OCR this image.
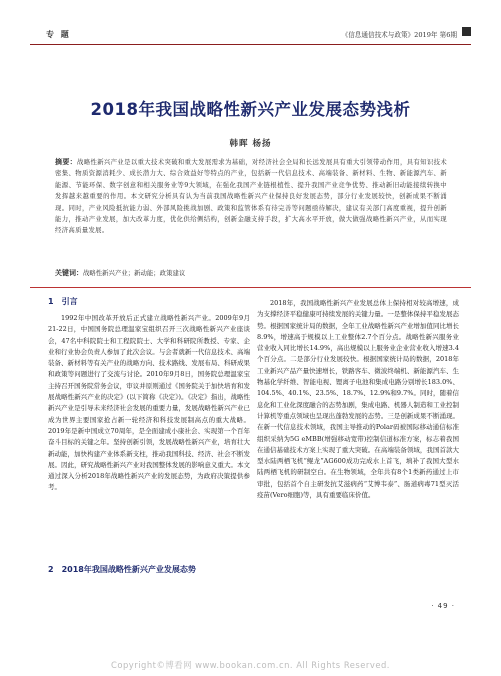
专 题	《信息通信技术与政策》2019年 第6期
2018年我国战略性新兴产业发展态势浅析
韩晖 杨扬
摘要：战略性新兴产业是以重大技术突破和重大发展需求为基础，对经济社会全局和长远发展具有重大引领带动作用，具有知识技术密集、物质资源消耗少、成长潜力大、综合效益好等特点的产业，包括新一代信息技术、高端装备、新材料、生物、新能源汽车、新能源、节能环保、数字创意和相关服务业等9大领域，在强化我国产业链根植性、提升我国产业竞争优势、推动新旧动能接续转换中发挥越来越重要的作用。本文研究分析具有认为当前我国战略性新兴产业保持良好发展态势，部分行业发展较快，创新成果不断涌现。同时，产业风险抵抗能力弱、外部风险挑战加剧、政策和监管体系有待完善等问题亟待解决，建议有关部门高度重视，提升创新能力，推动产业发展，加大改革力度，优化供给侧结构，创新金融支持手段，扩大高水平开放，做大做强战略性新兴产业，从而实现经济高质量发展。
关键词：战略性新兴产业；新动能；政策建议
1　引言

1992年中国改革开放后正式建立战略性新兴产业。2009年9月21-22日，中国国务院总理温家宝组织召开三次战略性新兴产业座谈会，47名中科院院士和工程院院士、大学和科研院所教授、专家、企业和行业协会负责人参加了此次会议。与会者就新一代信息技术、高端装备、新材料等有关产业的战略方向、技术路线、发展布局、科研成果和政策等问题进行了交流与讨论。2010年9月8日，国务院总理温家宝主持召开国务院常务会议，审议并原则通过《国务院关于加快培育和发展战略性新兴产业的决定》(以下简称《决定》)。《决定》指出，战略性新兴产业是引导未来经济社会发展的重要力量，发展战略性新兴产业已成为世界主要国家抢占新一轮经济和科技发展制高点的重大战略。2019年是新中国成立70周年，是全面建成小康社会、实现第一个百年奋斗目标的关键之年。坚持创新引领，发展战略性新兴产业，培育壮大新动能，加快构建产业体系新支柱，推动我国科技、经济、社会不断发展。因此，研究战略性新兴产业对我国整体发展的影响意义重大。本文通过深入分析2018年战略性新兴产业的发展态势，为政府决策提供参考。

2　2018年我国战略性新兴产业发展态势

2018年，我国战略性新兴产业发展总体上保持相对较高增速，成为支撑经济平稳健康可持续发展的关键力量。一是整体保持平稳发展态势。根据国家统计局的数据，全年工业战略性新兴产业增加值同比增长8.9%，增速高于规模以上工业整体2.7个百分点。战略性新兴服务业营业收入同比增长14.9%，高出规模以上服务业企业营业收入增速3.4个百分点。二是部分行业发展较快。根据国家统计局的数据，2018年工业新兴产品产量快速增长，铁路客车、微波终端机、新能源汽车、生物基化学纤维、智能电视、锂离子电池和集成电路分别增长183.0%、104.5%、40.1%、23.5%、18.7%、12.9%和9.7%。同时，随着信息化和工业化深度融合的态势加剧，集成电路、机器人制造和工业控制计算机等重点领域也呈现出蓬勃发展的态势。三是创新成果不断涌现。在新一代信息技术领域，我国主导推动的Polar码被国际移动通信标准组织采纳为5G eMBB(增强移动宽带)控制信道标准方案，标志着我国在通信基础技术方案上实现了重大突破。在高端装备领域，我国首款大型水陆两栖飞机“鲲龙”AG600成功完成水上首飞，填补了我国大型水陆两栖飞机的研制空白。在生物领域，全年共有8个1类新药通过上市审批，包括首个自主研发抗艾滋病药“艾博韦泰”、肠道病毒71型灭活疫苗(Vero细胞)等，具有重要临床价值。

· 49 ·
Copyright©博看网 www.bookan.com.cn. All Rights Reserved.
